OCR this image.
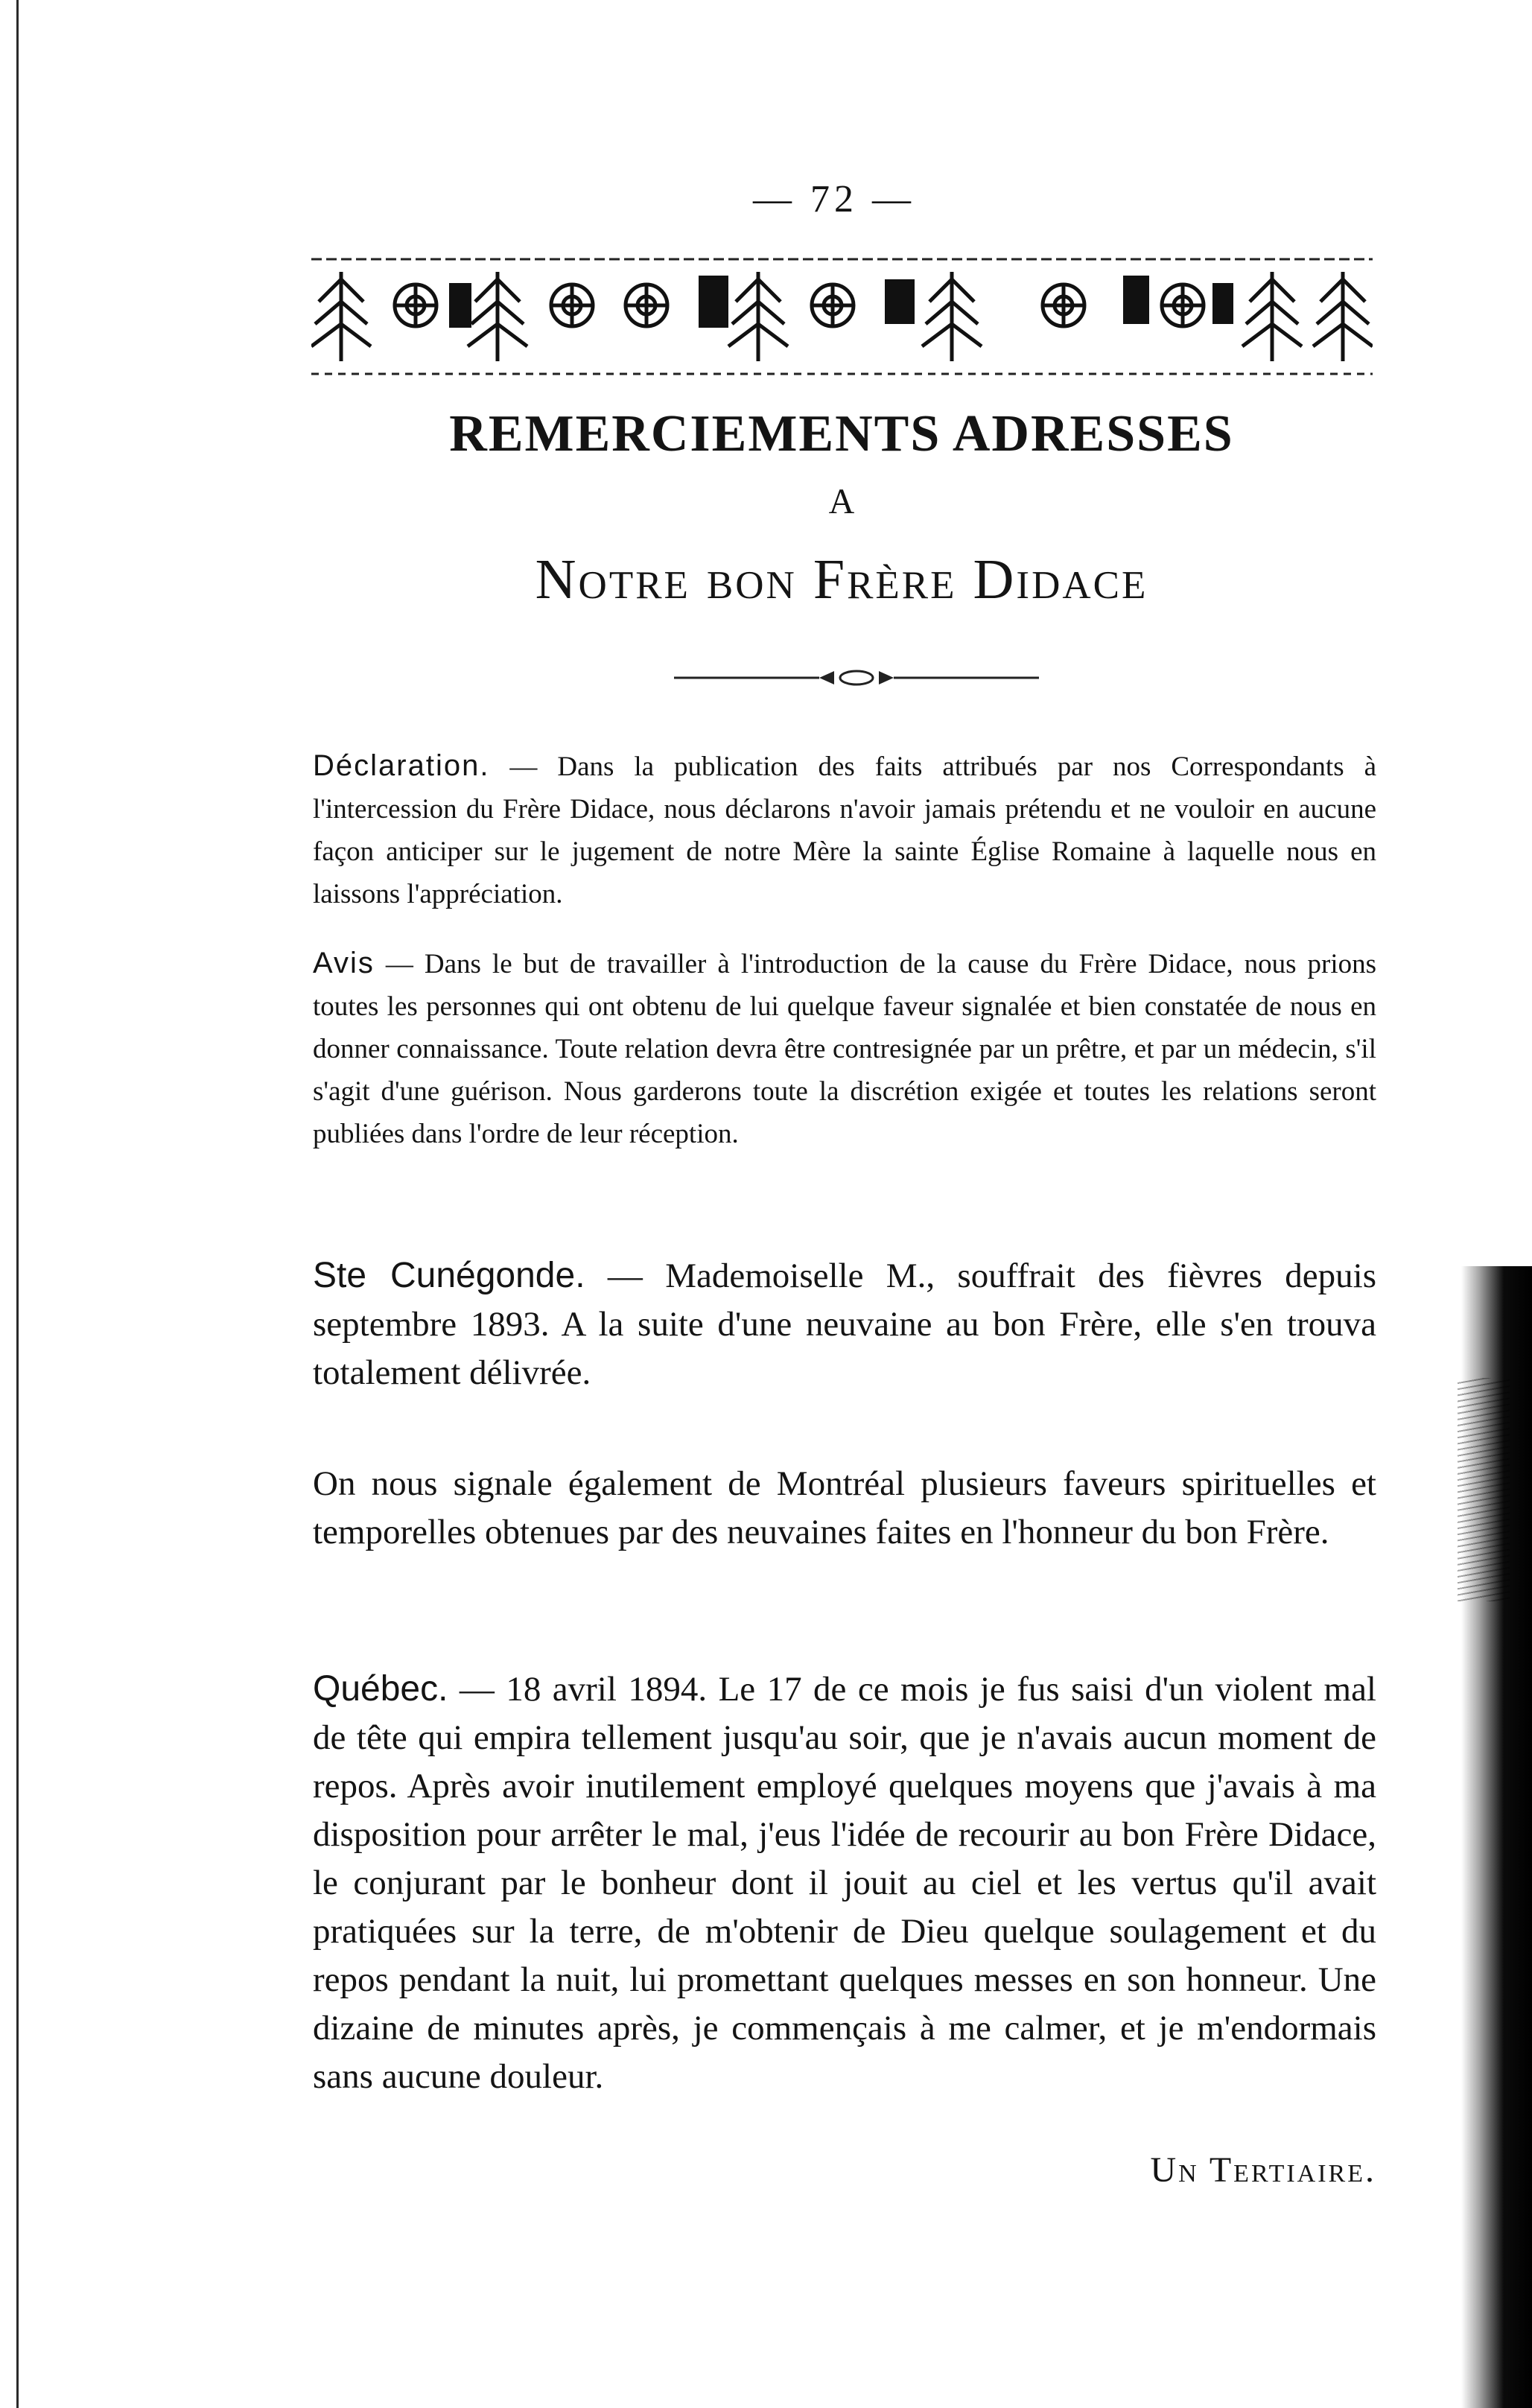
— 72 —
REMERCIEMENTS ADRESSES
A
Notre bon Frère Didace
Déclaration. — Dans la publication des faits attribués par nos Correspondants à l'intercession du Frère Didace, nous déclarons n'avoir jamais prétendu et ne vouloir en aucune façon anticiper sur le jugement de notre Mère la sainte Église Romaine à laquelle nous en laissons l'appréciation.
Avis — Dans le but de travailler à l'introduction de la cause du Frère Didace, nous prions toutes les personnes qui ont obtenu de lui quelque faveur signalée et bien constatée de nous en donner connaissance. Toute relation devra être contresignée par un prêtre, et par un médecin, s'il s'agit d'une guérison. Nous garderons toute la discrétion exigée et toutes les relations seront publiées dans l'ordre de leur réception.
Ste Cunégonde. — Mademoiselle M., souffrait des fièvres depuis septembre 1893. A la suite d'une neuvaine au bon Frère, elle s'en trouva totalement délivrée.
On nous signale également de Montréal plusieurs faveurs spirituelles et temporelles obtenues par des neuvaines faites en l'honneur du bon Frère.
Québec. — 18 avril 1894. Le 17 de ce mois je fus saisi d'un violent mal de tête qui empira tellement jusqu'au soir, que je n'avais aucun moment de repos. Après avoir inutilement employé quelques moyens que j'avais à ma disposition pour arrêter le mal, j'eus l'idée de recourir au bon Frère Didace, le conjurant par le bonheur dont il jouit au ciel et les vertus qu'il avait pratiquées sur la terre, de m'obtenir de Dieu quelque soulagement et du repos pendant la nuit, lui promettant quelques messes en son honneur. Une dizaine de minutes après, je commençais à me calmer, et je m'endormais sans aucune douleur.
Un Tertiaire.
